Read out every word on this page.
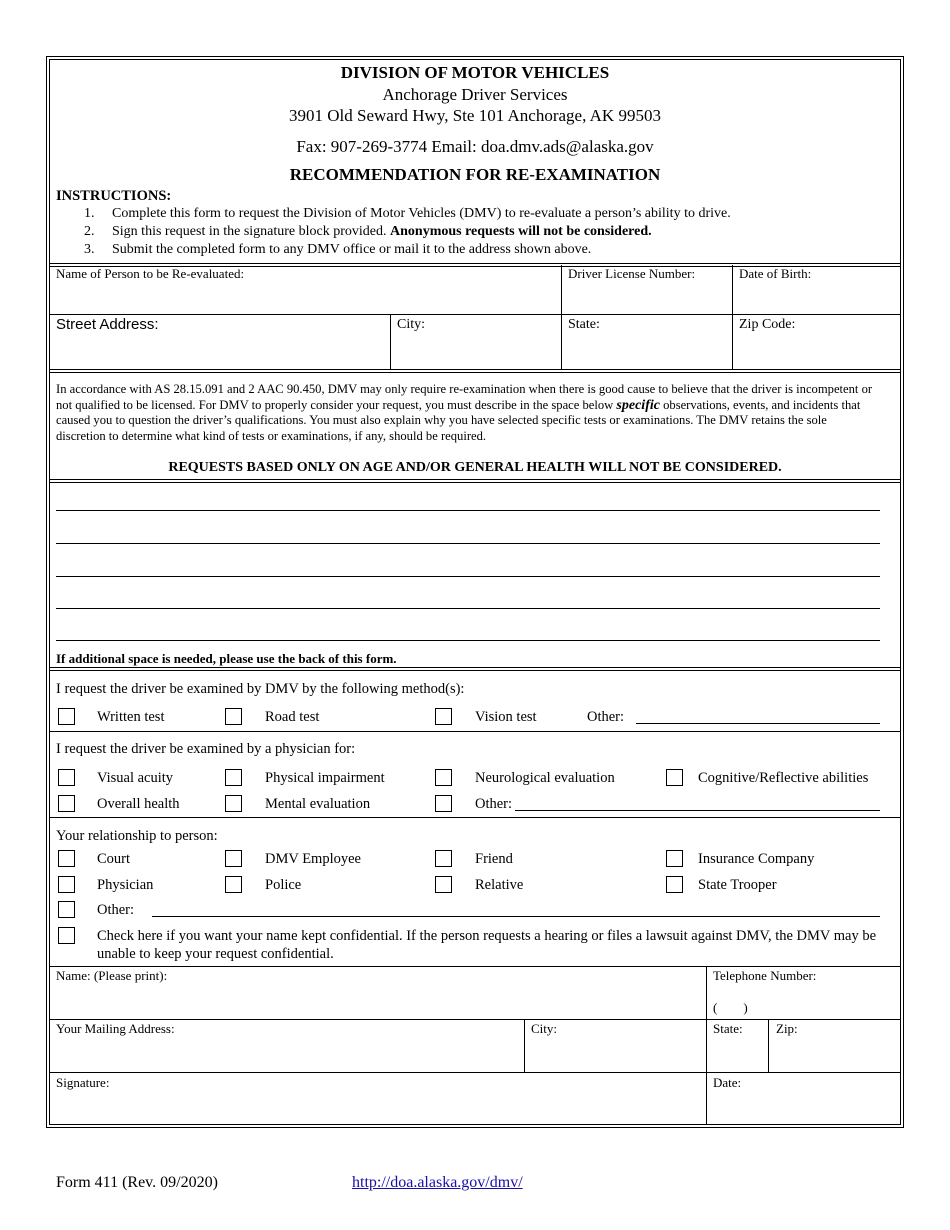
DIVISION OF MOTOR VEHICLES
Anchorage Driver Services
3901 Old Seward Hwy, Ste 101 Anchorage, AK 99503
Fax: 907-269-3774 Email: doa.dmv.ads@alaska.gov
RECOMMENDATION FOR RE-EXAMINATION
INSTRUCTIONS:
1. Complete this form to request the Division of Motor Vehicles (DMV) to re-evaluate a person’s ability to drive.
2. Sign this request in the signature block provided. Anonymous requests will not be considered.
3. Submit the completed form to any DMV office or mail it to the address shown above.
Name of Person to be Re-evaluated:	Driver License Number:	Date of Birth:
Street Address:	City:	State:	Zip Code:
In accordance with AS 28.15.091 and 2 AAC 90.450, DMV may only require re-examination when there is good cause to believe that the driver is incompetent or not qualified to be licensed. For DMV to properly consider your request, you must describe in the space below specific observations, events, and incidents that caused you to question the driver’s qualifications. You must also explain why you have selected specific tests or examinations. The DMV retains the sole discretion to determine what kind of tests or examinations, if any, should be required.
REQUESTS BASED ONLY ON AGE AND/OR GENERAL HEALTH WILL NOT BE CONSIDERED.
If additional space is needed, please use the back of this form.
I request the driver be examined by DMV by the following method(s):
Written test	Road test	Vision test	Other:
I request the driver be examined by a physician for:
Visual acuity	Physical impairment	Neurological evaluation	Cognitive/Reflective abilities
Overall health	Mental evaluation	Other:
Your relationship to person:
Court	DMV Employee	Friend	Insurance Company
Physician	Police	Relative	State Trooper
Other:
Check here if you want your name kept confidential. If the person requests a hearing or files a lawsuit against DMV, the DMV may be unable to keep your request confidential.
Name: (Please print):	Telephone Number:
(        )
Your Mailing Address:	City:	State:	Zip:
Signature:	Date:
Form 411 (Rev. 09/2020)	http://doa.alaska.gov/dmv/
